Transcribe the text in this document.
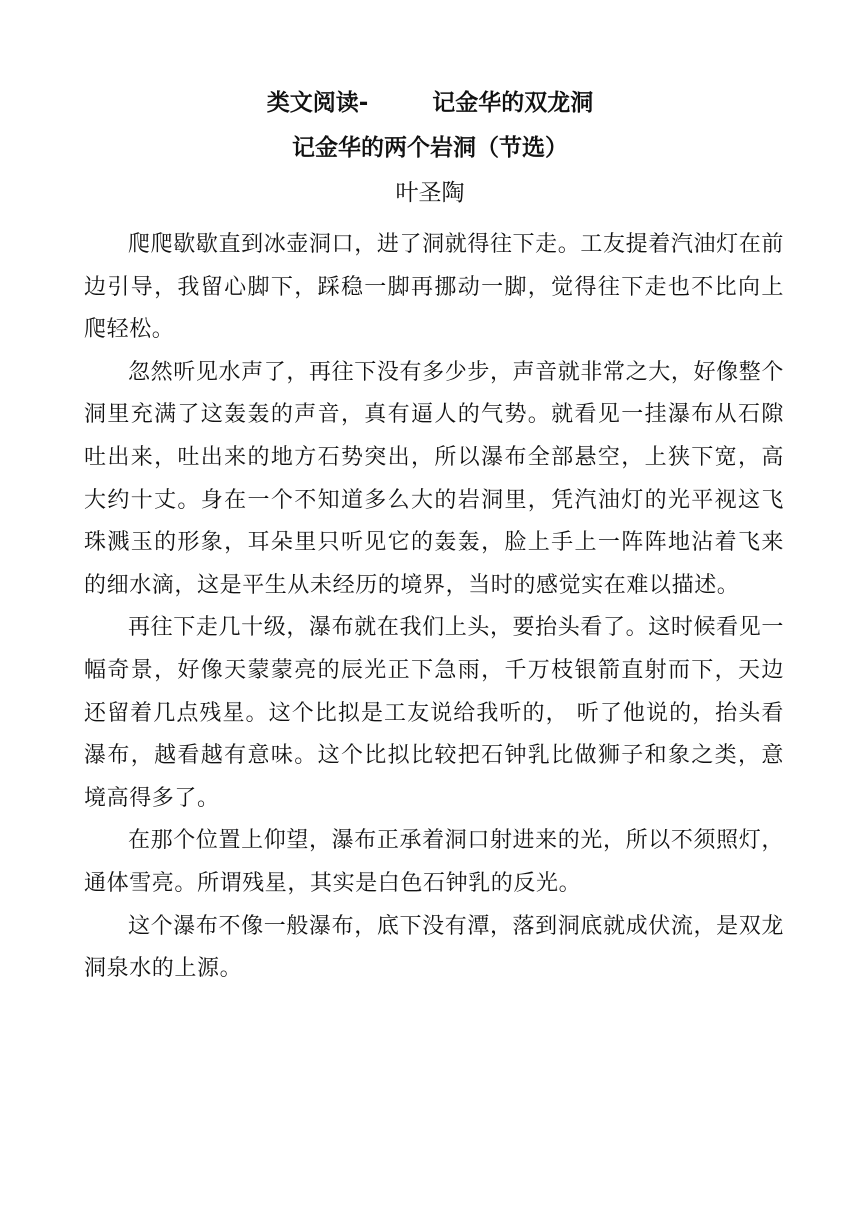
类文阅读-        记金华的双龙洞
记金华的两个岩洞（节选）
叶圣陶

爬爬歇歇直到冰壶洞口，进了洞就得往下走。工友提着汽油灯在前边引导，我留心脚下，踩稳一脚再挪动一脚，觉得往下走也不比向上爬轻松。

忽然听见水声了，再往下没有多少步，声音就非常之大，好像整个洞里充满了这轰轰的声音，真有逼人的气势。就看见一挂瀑布从石隙吐出来，吐出来的地方石势突出，所以瀑布全部悬空，上狭下宽，高大约十丈。身在一个不知道多么大的岩洞里，凭汽油灯的光平视这飞珠溅玉的形象，耳朵里只听见它的轰轰，脸上手上一阵阵地沾着飞来的细水滴，这是平生从未经历的境界，当时的感觉实在难以描述。

再往下走几十级，瀑布就在我们上头，要抬头看了。这时候看见一幅奇景，好像天蒙蒙亮的辰光正下急雨，千万枝银箭直射而下，天边还留着几点残星。这个比拟是工友说给我听的， 听了他说的，抬头看瀑布，越看越有意味。这个比拟比较把石钟乳比做狮子和象之类，意境高得多了。

在那个位置上仰望，瀑布正承着洞口射进来的光，所以不须照灯，通体雪亮。所谓残星，其实是白色石钟乳的反光。

这个瀑布不像一般瀑布，底下没有潭，落到洞底就成伏流，是双龙洞泉水的上源。
